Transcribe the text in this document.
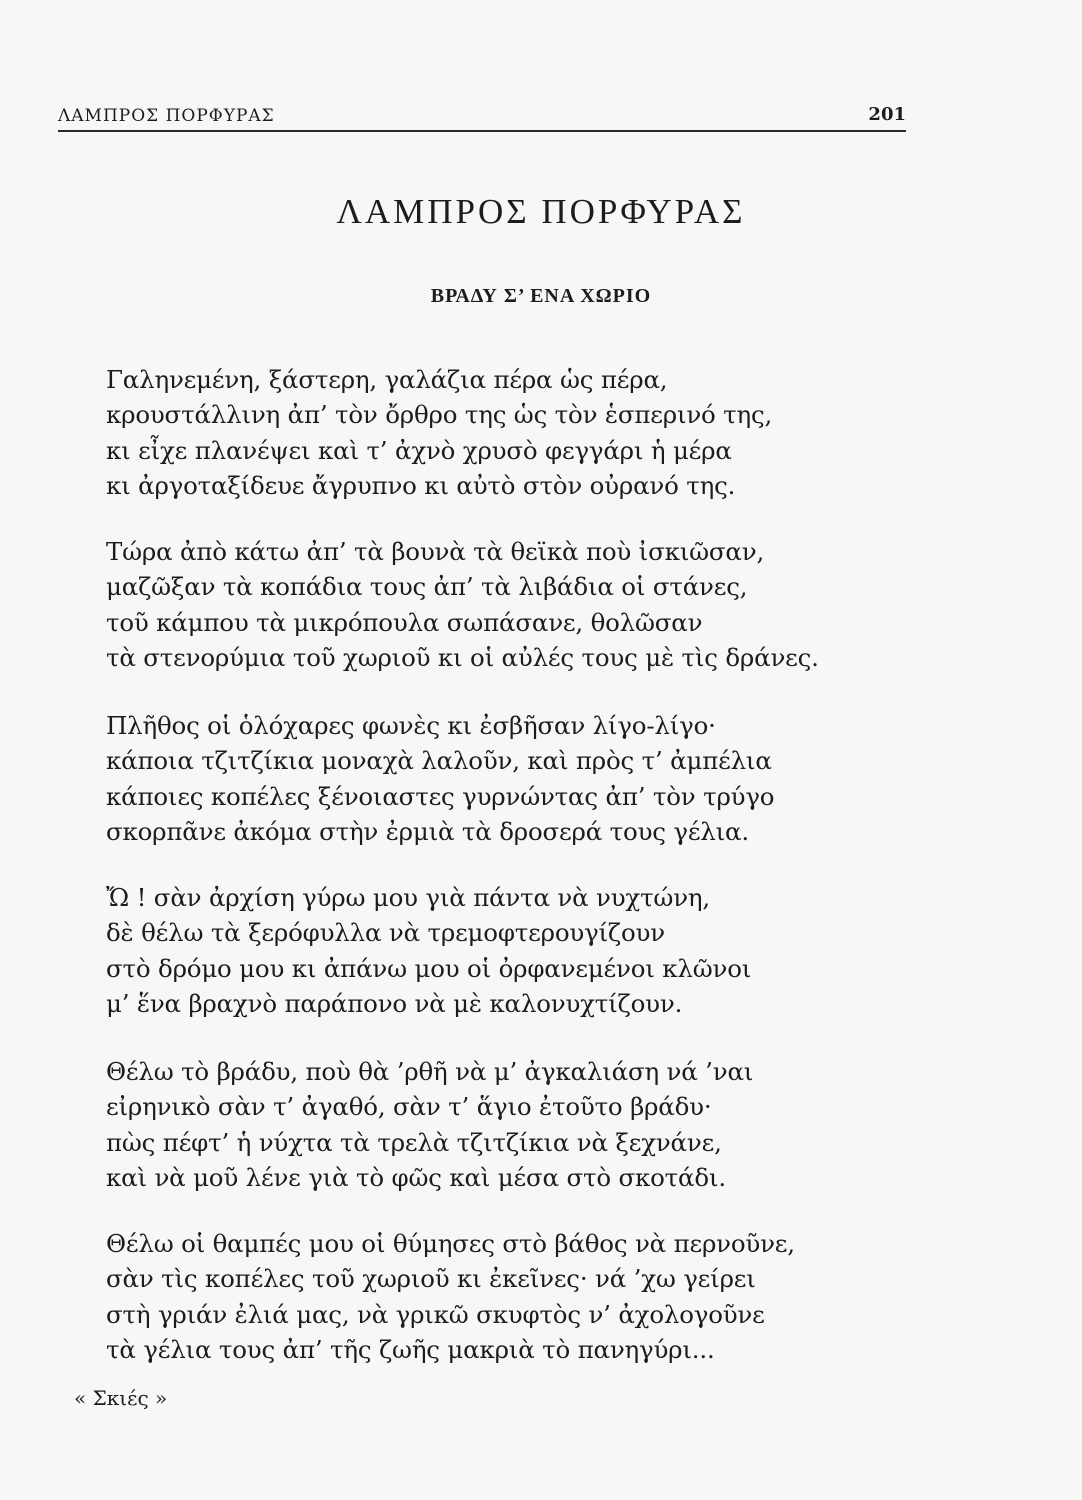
ΛΑΜΠΡΟΣ ΠΟΡΦΥΡΑΣ	201
ΛΑΜΠΡΟΣ ΠΟΡΦΥΡΑΣ
ΒΡΑΔΥ Σ’ ΕΝΑ ΧΩΡΙΟ
Γαληνεμένη, ξάστερη, γαλάζια πέρα ὡς πέρα,
κρουστάλλινη ἀπ’ τὸν ὄρθρο της ὡς τὸν ἑσπερινό της,
κι εἶχε πλανέψει καὶ τ’ ἀχνὸ χρυσὸ φεγγάρι ἡ μέρα
κι ἀργοταξίδευε ἄγρυπνο κι αὐτὸ στὸν οὐρανό της.
Τώρα ἀπὸ κάτω ἀπ’ τὰ βουνὰ τὰ θεϊκὰ ποὺ ἰσκιῶσαν,
μαζῶξαν τὰ κοπάδια τους ἀπ’ τὰ λιβάδια οἱ στάνες,
τοῦ κάμπου τὰ μικρόπουλα σωπάσανε, θολῶσαν
τὰ στενορύμια τοῦ χωριοῦ κι οἱ αὐλές τους μὲ τὶς δράνες.
Πλῆθος οἱ ὁλόχαρες φωνὲς κι ἐσβῆσαν λίγο-λίγο·
κάποια τζιτζίκια μοναχὰ λαλοῦν, καὶ πρὸς τ’ ἀμπέλια
κάποιες κοπέλες ξένοιαστες γυρνώντας ἀπ’ τὸν τρύγο
σκορπᾶνε ἀκόμα στὴν ἐρμιὰ τὰ δροσερά τους γέλια.
Ὤ ! σὰν ἀρχίση γύρω μου γιὰ πάντα νὰ νυχτώνη,
δὲ θέλω τὰ ξερόφυλλα νὰ τρεμοφτερουγίζουν
στὸ δρόμο μου κι ἀπάνω μου οἱ ὀρφανεμένοι κλῶνοι
μ’ ἕνα βραχνὸ παράπονο νὰ μὲ καλονυχτίζουν.
Θέλω τὸ βράδυ, ποὺ θὰ ’ρθῆ νὰ μ’ ἀγκαλιάση νά ’ναι
εἰρηνικὸ σὰν τ’ ἀγαθό, σὰν τ’ ἅγιο ἐτοῦτο βράδυ·
πὼς πέφτ’ ἡ νύχτα τὰ τρελὰ τζιτζίκια νὰ ξεχνάνε,
καὶ νὰ μοῦ λένε γιὰ τὸ φῶς καὶ μέσα στὸ σκοτάδι.
Θέλω οἱ θαμπές μου οἱ θύμησες στὸ βάθος νὰ περνοῦνε,
σὰν τὶς κοπέλες τοῦ χωριοῦ κι ἐκεῖνες· νά ’χω γείρει
στὴ γριάν ἐλιά μας, νὰ γρικῶ σκυφτὸς ν’ ἀχολογοῦνε
τὰ γέλια τους ἀπ’ τῆς ζωῆς μακριὰ τὸ πανηγύρι...
« Σκιές »
